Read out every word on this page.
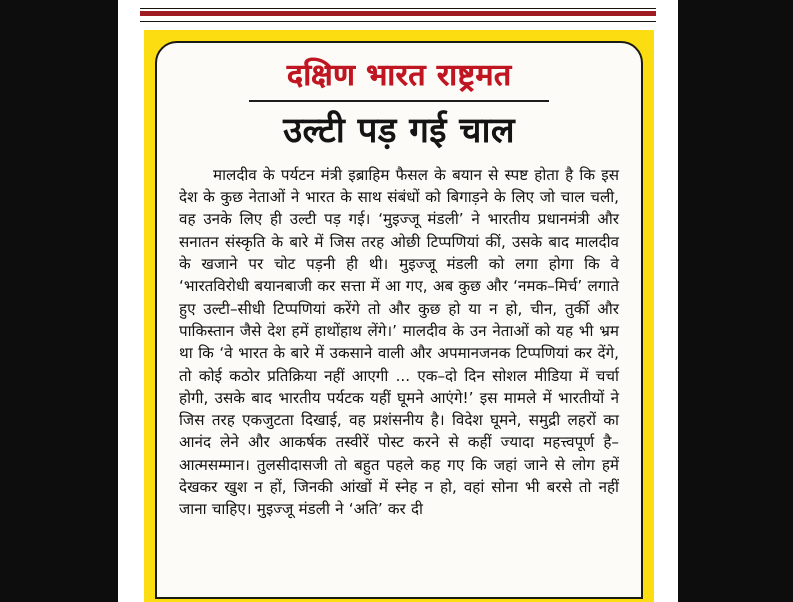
दक्षिण भारत राष्ट्रमत
उल्टी पड़ गई चाल
मालदीव के पर्यटन मंत्री इब्राहिम फैसल के बयान से स्पष्ट होता है कि इस देश के कुछ नेताओं ने भारत के साथ संबंधों को बिगाड़ने के लिए जो चाल चली, वह उनके लिए ही उल्टी पड़ गई। ‘मुइज्जू मंडली’ ने भारतीय प्रधानमंत्री और सनातन संस्कृति के बारे में जिस तरह ओछी टिप्पणियां कीं, उसके बाद मालदीव के खजाने पर चोट पड़नी ही थी। मुइज्जू मंडली को लगा होगा कि वे ‘भारतविरोधी बयानबाजी कर सत्ता में आ गए, अब कुछ और ‘नमक–मिर्च’ लगाते हुए उल्टी–सीधी टिप्पणियां करेंगे तो और कुछ हो या न हो, चीन, तुर्की और पाकिस्तान जैसे देश हमें हाथोंहाथ लेंगे।’ मालदीव के उन नेताओं को यह भी भ्रम था कि ‘वे भारत के बारे में उकसाने वाली और अपमानजनक टिप्पणियां कर देंगे, तो कोई कठोर प्रतिक्रिया नहीं आएगी ... एक–दो दिन सोशल मीडिया में चर्चा होगी, उसके बाद भारतीय पर्यटक यहीं घूमने आएंगे!’ इस मामले में भारतीयों ने जिस तरह एकजुटता दिखाई, वह प्रशंसनीय है। विदेश घूमने, समुद्री लहरों का आनंद लेने और आकर्षक तस्वीरें पोस्ट करने से कहीं ज्यादा महत्त्वपूर्ण है– आत्मसम्मान। तुलसीदासजी तो बहुत पहले कह गए कि जहां जाने से लोग हमें देखकर खुश न हों, जिनकी आंखों में स्नेह न हो, वहां सोना भी बरसे तो नहीं जाना चाहिए। मुइज्जू मंडली ने ‘अति’ कर दी
